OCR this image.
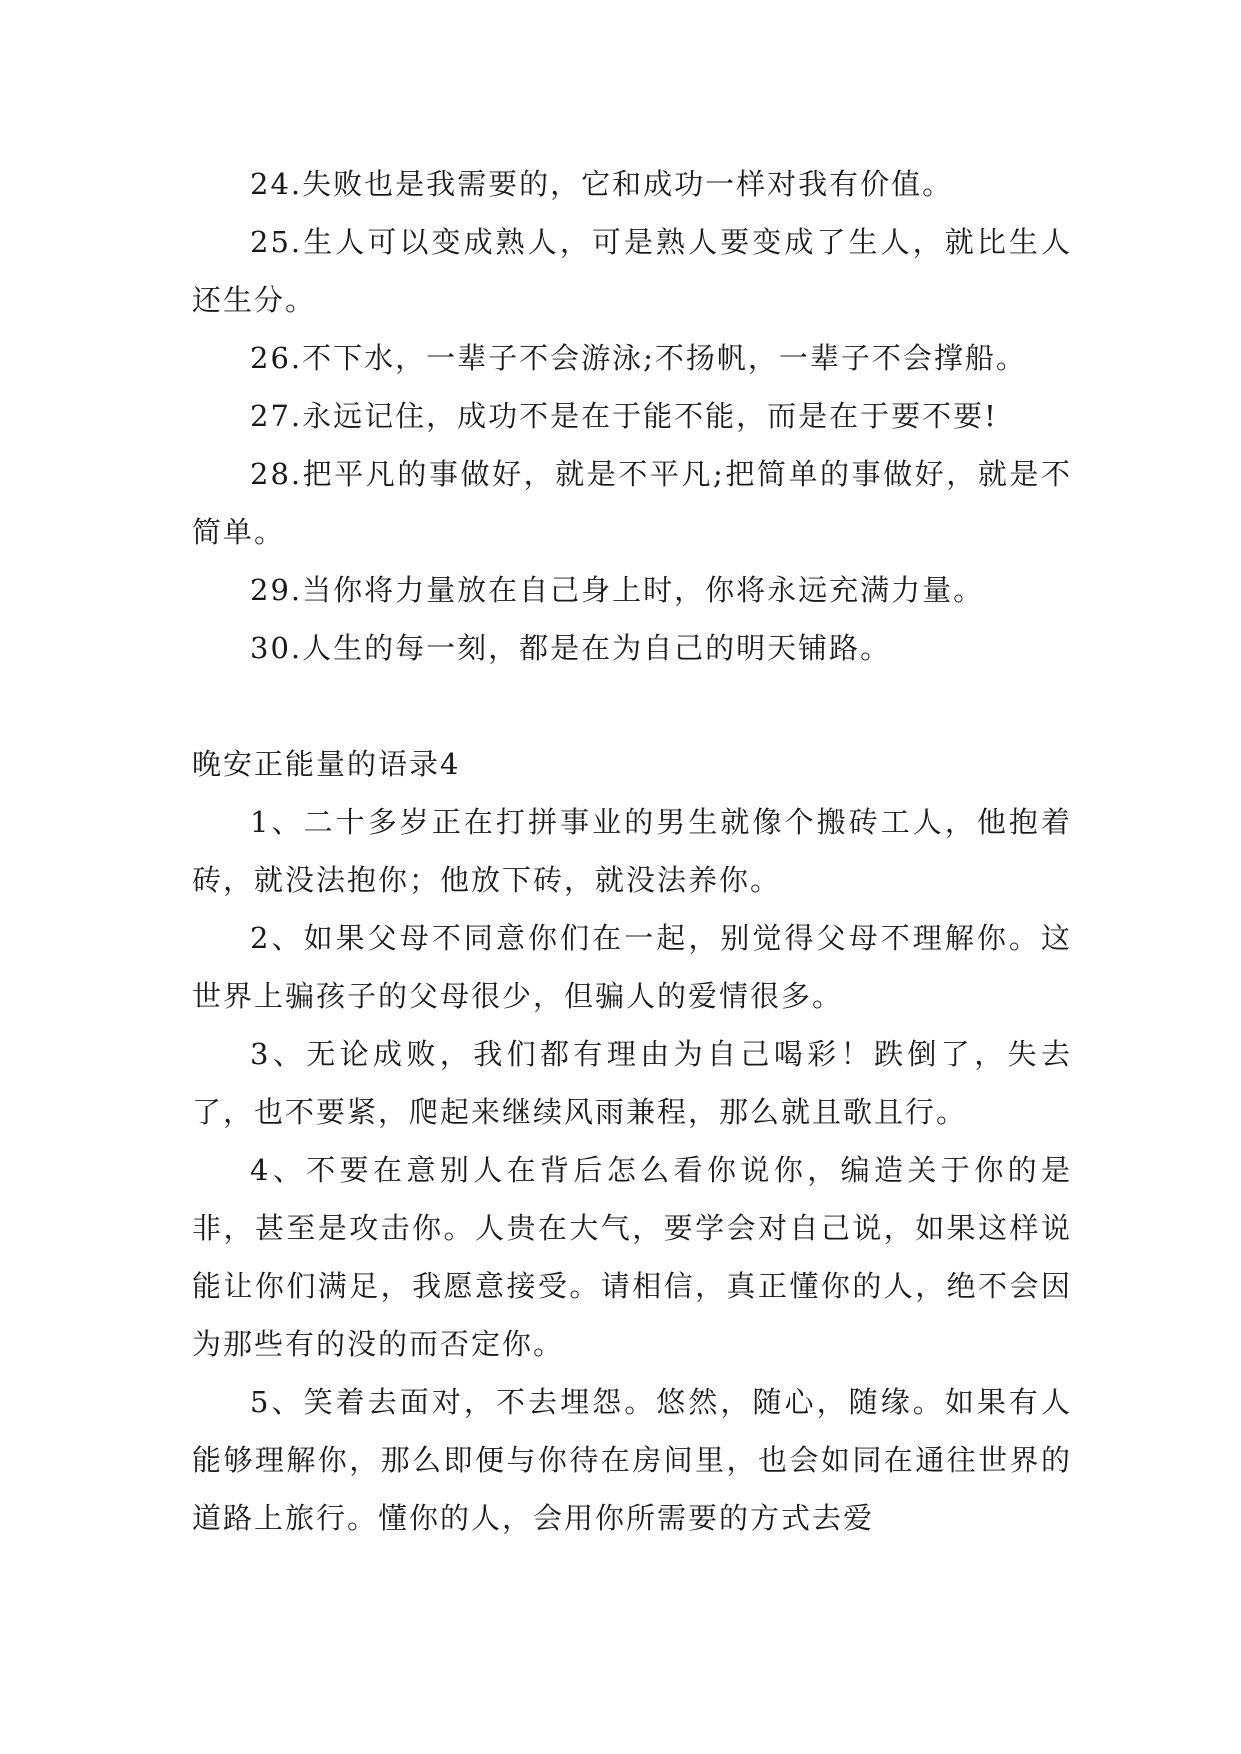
24.失败也是我需要的，它和成功一样对我有价值。

25.生人可以变成熟人，可是熟人要变成了生人，就比生人还生分。

26.不下水，一辈子不会游泳;不扬帆，一辈子不会撑船。

27.永远记住，成功不是在于能不能，而是在于要不要!

28.把平凡的事做好，就是不平凡;把简单的事做好，就是不简单。

29.当你将力量放在自己身上时，你将永远充满力量。

30.人生的每一刻，都是在为自己的明天铺路。

晚安正能量的语录4

1、二十多岁正在打拼事业的男生就像个搬砖工人，他抱着砖，就没法抱你；他放下砖，就没法养你。

2、如果父母不同意你们在一起，别觉得父母不理解你。这世界上骗孩子的父母很少，但骗人的爱情很多。

3、无论成败，我们都有理由为自己喝彩！跌倒了，失去了，也不要紧，爬起来继续风雨兼程，那么就且歌且行。

4、不要在意别人在背后怎么看你说你，编造关于你的是非，甚至是攻击你。人贵在大气，要学会对自己说，如果这样说能让你们满足，我愿意接受。请相信，真正懂你的人，绝不会因为那些有的没的而否定你。

5、笑着去面对，不去埋怨。悠然，随心，随缘。如果有人能够理解你，那么即便与你待在房间里，也会如同在通往世界的道路上旅行。懂你的人，会用你所需要的方式去爱
